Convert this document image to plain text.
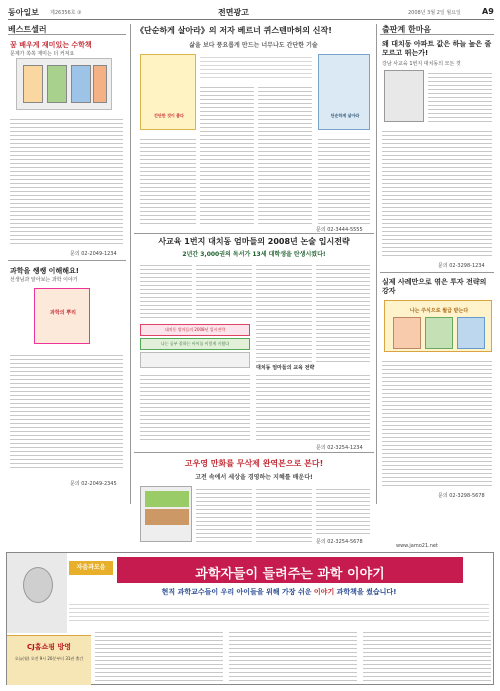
동아일보 제26356호 ③	전면광고	2008년 3월 2일 월요일	A9
베스트셀러
꿈 배우게 재미있는 수학책
문제가 쏙쏙 재미는 더 커져요
문의 02-2049-1234
과학을 쌩쌩 이해해요!
선생님과 알아보는 과학 이야기
과학의 뿌리
문의 02-2049-2345
《단순하게 살아라》의 저자 베르너 퀴스텐마허의 신작!
삶을 보다 풍요롭게 만드는 너무나도 간단한 기술
간단한 것이 좋다	단순하게 살아라
문의 02-3444-5555
사교육 1번지 대치동 엄마들의 2008년 논술 입시전략
2년간 3,000권의 독서가 13세 대학생을 탄생시켰다!
대치동 엄마들의 2008년 입시전략
나는 공부 잘하는 아이를 이렇게 키웠다
대치동 엄마들의 교육 전략
문의 02-3254-1234
고우영 만화를 무삭제 완역본으로 본다!
고전 속에서 세상을 경영하는 지혜를 배운다!
문의 02-3254-5678
출판계 한마음
왜 대치동 아파트 값은 하늘 높은 줄 모르고 뛰는가!
강남 사교육 1번지 대치동의 모든 것
문의 02-3298-1234
실제 사례만으로 엮은 투자 전략의 강자
나는 주식으로 월급 받는다
문의 02-3298-5678
자음과모음	과학자들이 들려주는 과학 이야기
현직 과학교수들이 우리 아이들을 위해 가장 쉬운 이야기 과학책을 썼습니다!
CJ홈쇼핑 방영
오늘(월) 오전 9시 20분부터 31권 출간
www.jamo21.net
